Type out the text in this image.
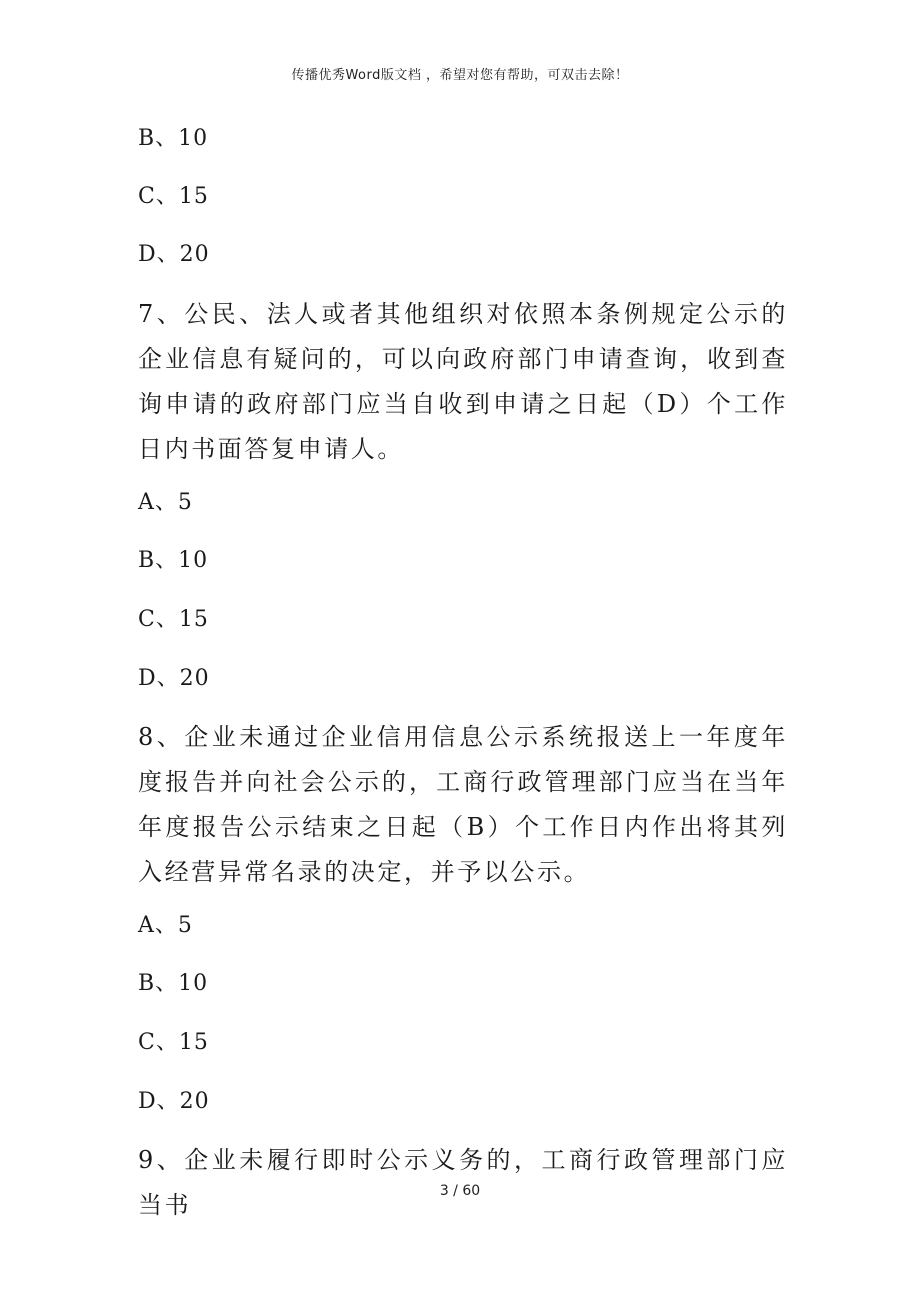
传播优秀Word版文档 ，希望对您有帮助，可双击去除！
B、10
C、15
D、20
7、公民、法人或者其他组织对依照本条例规定公示的企业信息有疑问的，可以向政府部门申请查询，收到查询申请的政府部门应当自收到申请之日起（D）个工作日内书面答复申请人。
A、5
B、10
C、15
D、20
8、企业未通过企业信用信息公示系统报送上一年度年度报告并向社会公示的，工商行政管理部门应当在当年年度报告公示结束之日起（B）个工作日内作出将其列入经营异常名录的决定，并予以公示。
A、5
B、10
C、15
D、20
9、企业未履行即时公示义务的，工商行政管理部门应当书	3 / 60
